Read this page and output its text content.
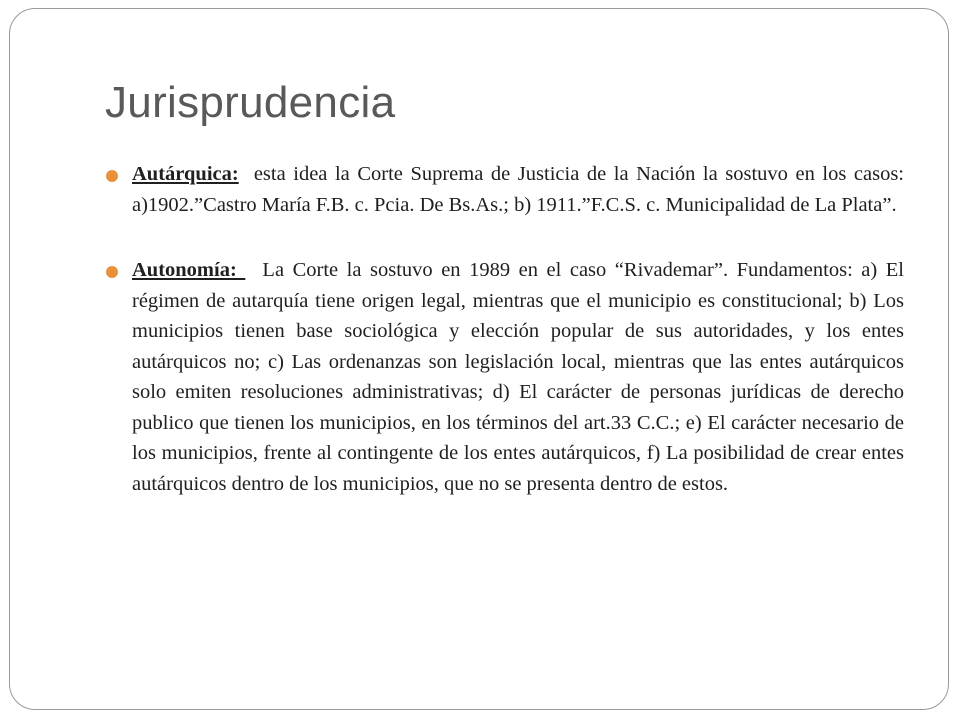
Jurisprudencia

Autárquica: esta idea la Corte Suprema de Justicia de la Nación la sostuvo en los casos: a)1902.”Castro María F.B. c. Pcia. De Bs.As.; b) 1911.”F.C.S. c. Municipalidad de La Plata”.

Autonomía:   La Corte la sostuvo en 1989 en el caso “Rivademar”. Fundamentos: a) El régimen de autarquía tiene origen legal, mientras que el municipio es constitucional; b) Los municipios tienen base sociológica y elección popular de sus autoridades, y los entes autárquicos no; c) Las ordenanzas son legislación local, mientras que las entes autárquicos solo emiten resoluciones administrativas; d) El carácter de personas jurídicas de derecho publico que tienen los municipios, en los términos del art.33 C.C.; e) El carácter necesario de los municipios, frente al contingente de los entes autárquicos, f) La posibilidad de crear entes autárquicos dentro de los municipios, que no se presenta dentro de estos.
